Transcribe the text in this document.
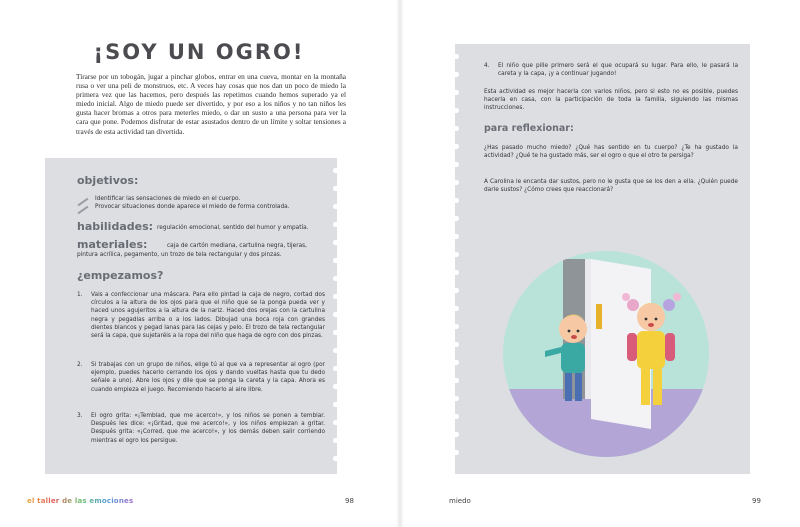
¡SOY UN OGRO!
Tirarse por un tobogán, jugar a pinchar globos, entrar en una cueva, montar en la montaña rusa o ver una peli de monstruos, etc. A veces hay cosas que nos dan un poco de miedo la primera vez que las hacemos, pero después las repetimos cuando hemos superado ya el miedo inicial. Algo de miedo puede ser divertido, y por eso a los niños y no tan niños les gusta hacer bromas a otros para meterles miedo, o dar un susto a una persona para ver la cara que pone. Podemos disfrutar de estar asustados dentro de un límite y soltar tensiones a través de esta actividad tan divertida.
objetivos:
Identificar las sensaciones de miedo en el cuerpo.
Provocar situaciones donde aparece el miedo de forma controlada.
habilidades: regulación emocional, sentido del humor y empatía.
materiales:	caja de cartón mediana, cartulina negra, tijeras, pintura acrílica, pegamento, un trozo de tela rectangular y dos pinzas.
¿empezamos?
1. Vais a confeccionar una máscara. Para ello pintad la caja de negro, cortad dos círculos a la altura de los ojos para que el niño que se la ponga pueda ver y haced unos agujeritos a la altura de la nariz. Haced dos orejas con la cartulina negra y pegadlas arriba o a los lados. Dibujad una boca roja con grandes dientes blancos y pegad lanas para las cejas y pelo. El trozo de tela rectangular será la capa, que sujetaréis a la ropa del niño que haga de ogro con dos pinzas.
2. Si trabajas con un grupo de niños, elige tú al que va a representar al ogro (por ejemplo, puedes hacerlo cerrando los ojos y dando vueltas hasta que tu dedo señale a uno). Abre los ojos y dile que se ponga la careta y la capa. Ahora es cuando empieza el juego. Recomiendo hacerlo al aire libre.
3. El ogro grita: «¡Temblad, que me acerco!», y los niños se ponen a temblar. Después les dice: «¡Gritad, que me acerco!», y los niños empiezan a gritar. Después grita: «¡Corred, que me acerco!», y los demás deben salir corriendo mientras el ogro los persigue.
el taller de las emociones	98
4. El niño que pille primero será el que ocupará su lugar. Para ello, le pasará la careta y la capa, ¡y a continuar jugando!
Esta actividad es mejor hacerla con varios niños, pero si esto no es posible, puedes hacerla en casa, con la participación de toda la familia, siguiendo las mismas instrucciones.
para reflexionar:
¿Has pasado mucho miedo? ¿Qué has sentido en tu cuerpo? ¿Te ha gustado la actividad? ¿Qué te ha gustado más, ser el ogro o que el otro te persiga?
A Carolina le encanta dar sustos, pero no le gusta que se los den a ella. ¿Quién puede darle sustos? ¿Cómo crees que reaccionará?
miedo	99
